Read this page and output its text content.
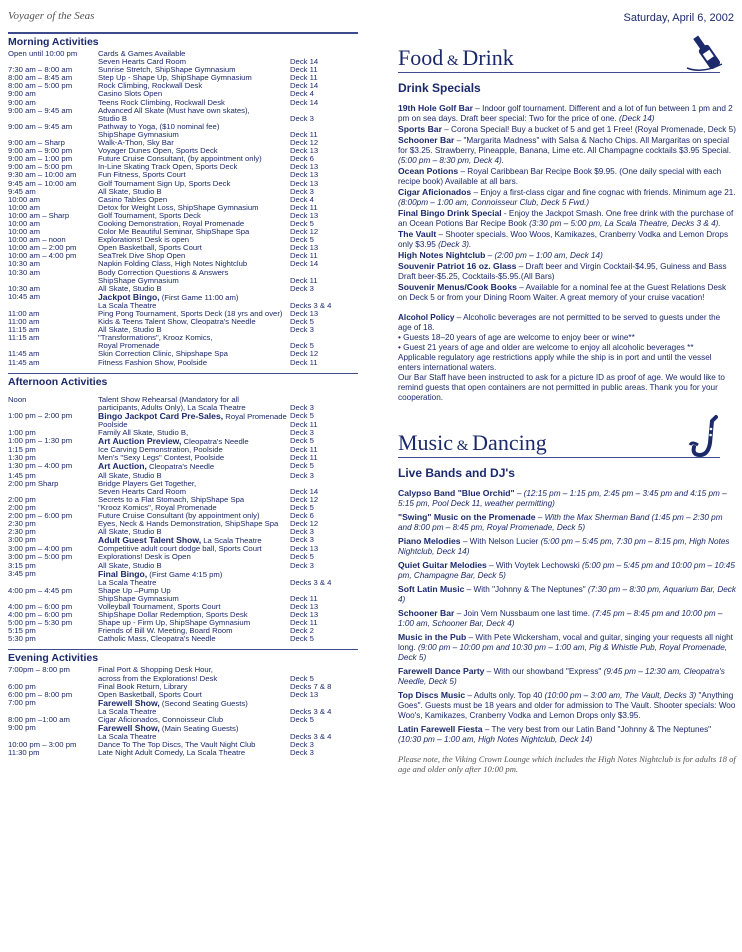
Voyager of the Seas	Saturday, April 6, 2002
Morning Activities
Open until 10:00 pm	Cards & Games Available
Seven Hearts Card Room	Deck 14
7:30 am – 8:00 am	Sunrise Stretch, ShipShape Gymnasium	Deck 11
8:00 am – 8:45 am	Step Up - Shape Up, ShipShape Gymnasium	Deck 11
8:00 am – 5:00 pm	Rock Climbing, Rockwall Desk	Deck 14
9:00 am	Casino Slots Open	Deck 4
9:00 am	Teens Rock Climbing, Rockwall Desk	Deck 14
9:00 am – 9:45 am	Advanced All Skate (Must have own skates),
Studio B	Deck 3
9:00 am – 9:45 am	Pathway to Yoga, ($10 nominal fee)
ShipShape Gymnasium	Deck 11
9:00 am – Sharp	Walk-A-Thon, Sky Bar	Deck 12
9:00 am – 9:00 pm	Voyager Dunes Open, Sports Deck	Deck 13
9:00 am – 1:00 pm	Future Cruise Consultant, (by appointment only)	Deck 6
9:00 am – 5:00 pm	In-Line Skating Track Open, Sports Deck	Deck 13
9:30 am – 10:00 am	Fun Fitness, Sports Court	Deck 13
9:45 am – 10:00 am	Golf Tournament Sign Up, Sports Deck	Deck 13
9:45 am	All Skate, Studio B	Deck 3
10:00 am	Casino Tables Open	Deck 4
10:00 am	Detox for Weight Loss, ShipShape Gymnasium	Deck 11
10:00 am – Sharp	Golf Tournament, Sports Deck	Deck 13
10:00 am	Cooking Demonstration, Royal Promenade	Deck 5
10:00 am	Color Me Beautiful Seminar, ShipShape Spa	Deck 12
10:00 am – noon	Explorations! Desk is open	Deck 5
10:00 am – 2:00 pm	Open Basketball, Sports Court	Deck 13
10:00 am – 4:00 pm	SeaTrek Dive Shop Open	Deck 11
10:30 am	Napkin Folding Class, High Notes Nightclub	Deck 14
10:30 am	Body Correction Questions & Answers
ShipShape Gymnasium	Deck 11
10:30 am	All Skate, Studio B	Deck 3
10:45 am	Jackpot Bingo, (First Game 11:00 am)
La Scala Theatre	Decks 3 & 4
11:00 am	Ping Pong Tournament, Sports Deck (18 yrs and over) Deck 13
11:00 am	Kids & Teens Talent Show, Cleopatra's Needle	Deck 5
11:15 am	All Skate, Studio B	Deck 3
11:15 am	"Transformations", Krooz Komics,
Royal Promenade	Deck 5
11:45 am	Skin Correction Clinic, Shipshape Spa	Deck 12
11:45 am	Fitness Fashion Show, Poolside	Deck 11
Afternoon Activities
Noon	Talent Show Rehearsal (Mandatory for all
participants, Adults Only), La Scala Theatre	Deck 3
1:00 pm – 2:00 pm	Bingo Jackpot Card Pre-Sales, Royal Promenade Deck 5
Poolside	Deck 11
1:00 pm	Family All Skate, Studio B,	Deck 3
1:00 pm – 1:30 pm	Art Auction Preview, Cleopatra's Needle	Deck 5
1:15 pm	Ice Carving Demonstration, Poolside	Deck 11
1:30 pm	Men's "Sexy Legs" Contest, Poolside	Deck 11
1:30 pm – 4:00 pm	Art Auction, Cleopatra's Needle	Deck 5
1:45 pm	All Skate, Studio B	Deck 3
2:00 pm Sharp	Bridge Players Get Together,
Seven Hearts Card Room	Deck 14
2:00 pm	Secrets to a Flat Stomach, ShipShape Spa	Deck 12
2:00 pm	"Krooz Komics", Royal Promenade	Deck 5
2:00 pm – 6:00 pm	Future Cruise Consultant (by appointment only)	Deck 6
2:30 pm	Eyes, Neck & Hands Demonstration, ShipShape Spa	Deck 12
2:30 pm	All Skate, Studio B	Deck 3
3:00 pm	Adult Guest Talent Show, La Scala Theatre	Deck 3
3:00 pm – 4:00 pm	Competitive adult court dodge ball, Sports Court	Deck 13
3:00 pm – 5:00 pm	Explorations! Desk is Open	Deck 5
3:15 pm	All Skate, Studio B	Deck 3
3:45 pm	Final Bingo, (First Game 4:15 pm)
La Scala Theatre	Decks 3 & 4
4:00 pm – 4:45 pm	Shape Up –Pump Up
ShipShape Gymnasium	Deck 11
4:00 pm – 6:00 pm	Volleyball Tournament, Sports Court	Deck 13
4:00 pm – 6:00 pm	ShipShape Dollar Redemption, Sports Desk	Deck 13
5:00 pm – 5:30 pm	Shape up - Firm Up, ShipShape Gymnasium	Deck 11
5:15 pm	Friends of Bill W. Meeting, Board Room	Deck 2
5:30 pm	Catholic Mass, Cleopatra's Needle	Deck 5
Evening Activities
7:00pm – 8:00 pm	Final Port & Shopping Desk Hour,
across from the Explorations! Desk	Deck 5
6:00 pm	Final Book Return, Library	Decks 7 & 8
6:00 pm – 8:00 pm	Open Basketball, Sports Court	Deck 13
7:00 pm	Farewell Show, (Second Seating Guests)
La Scala Theatre	Decks 3 & 4
8:00 pm –1:00 am	Cigar Aficionados, Connoisseur Club	Deck 5
9:00 pm	Farewell Show, (Main Seating Guests)
La Scala Theatre	Decks 3 & 4
10:00 pm – 3:00 pm	Dance To The Top Discs, The Vault Night Club	Deck 3
11:30 pm	Late Night Adult Comedy, La Scala Theatre	Deck 3
Food & Drink
Drink Specials

19th Hole Golf Bar – Indoor golf tournament. Different and a lot of fun between 1 pm and 2 pm on sea days. Draft beer special: Two for the price of one. (Deck 14)

Sports Bar – Corona Special! Buy a bucket of 5 and get 1 Free! (Royal Promenade, Deck 5)

Schooner Bar – "Margarita Madness" with Salsa & Nacho Chips. All Margaritas on special for $3.25. Strawberry, Pineapple, Banana, Lime etc. All Champagne cocktails $3.95 Special. (5:00 pm – 8:30 pm, Deck 4).

Ocean Potions – Royal Caribbean Bar Recipe Book $9.95. (One daily special with each recipe book) Available at all bars.

Cigar Aficionados – Enjoy a first-class cigar and fine cognac with friends. Minimum age 21. (8:00pm – 1:00 am, Connoisseur Club, Deck 5 Fwd.)

Final Bingo Drink Special - Enjoy the Jackpot Smash. One free drink with the purchase of an Ocean Potions Bar Recipe Book (3:30 pm – 5:00 pm, La Scala Theatre, Decks 3 & 4).

The Vault – Shooter specials. Woo Woos, Kamikazes, Cranberry Vodka and Lemon Drops only $3.95 (Deck 3).

High Notes Nightclub – (2:00 pm – 1:00 am, Deck 14)

Souvenir Patriot 16 oz. Glass – Draft beer and Virgin Cocktail-$4.95, Guiness and Bass Draft beer-$5.25, Cocktails-$5.95.(All Bars)

Souvenir Menus/Cook Books – Available for a nominal fee at the Guest Relations Desk on Deck 5 or from your Dining Room Waiter. A great memory of your cruise vacation!

Alcohol Policy – Alcoholic beverages are not permitted to be served to guests under the age of 18.
• Guests 18–20 years of age are welcome to enjoy beer or wine**
• Guest 21 years of age and older are welcome to enjoy all alcoholic beverages **
Applicable regulatory age restrictions apply while the ship is in port and until the vessel enters international waters.
Our Bar Staff have been instructed to ask for a picture ID as proof of age. We would like to remind guests that open containers are not permitted in public areas. Thank you for your cooperation.
Music & Dancing
Live Bands and DJ's

Calypso Band "Blue Orchid" – (12:15 pm – 1:15 pm, 2:45 pm – 3:45 pm and 4:15 pm – 5:15 pm, Pool Deck 11, weather permitting)

"Swing" Music on the Promenade – With the Max Sherman Band (1:45 pm – 2:30 pm and 8:00 pm – 8:45 pm, Royal Promenade, Deck 5)

Piano Melodies – With Nelson Lucier (5:00 pm – 5:45 pm, 7:30 pm – 8:15 pm, High Notes Nightclub, Deck 14)

Quiet Guitar Melodies – With Voytek Lechowski (5:00 pm – 5:45 pm and 10:00 pm – 10:45 pm, Champagne Bar, Deck 5)

Soft Latin Music – With "Johnny & The Neptunes" (7:30 pm – 8:30 pm, Aquarium Bar, Deck 4)

Schooner Bar – Join Vern Nussbaum one last time. (7:45 pm – 8:45 pm and 10:00 pm – 1:00 am, Schooner Bar, Deck 4)

Music in the Pub – With Pete Wickersham, vocal and guitar, singing your requests all night long. (9:00 pm – 10:00 pm and 10:30 pm – 1:00 am, Pig & Whistle Pub, Royal Promenade, Deck 5)

Farewell Dance Party – With our showband "Express" (9:45 pm – 12:30 am, Cleopatra's Needle, Deck 5)

Top Discs Music – Adults only. Top 40 (10:00 pm – 3:00 am, The Vault, Decks 3) "Anything Goes". Guests must be 18 years and older for admission to The Vault. Shooter specials: Woo Woo's, Kamikazes, Cranberry Vodka and Lemon Drops only $3.95.

Latin Farewell Fiesta – The very best from our Latin Band "Johnny & The Neptunes" (10:30 pm – 1:00 am, High Notes Nightclub, Deck 14)

Please note, the Viking Crown Lounge which includes the High Notes Nightclub is for adults 18 of age and older only after 10:00 pm.
